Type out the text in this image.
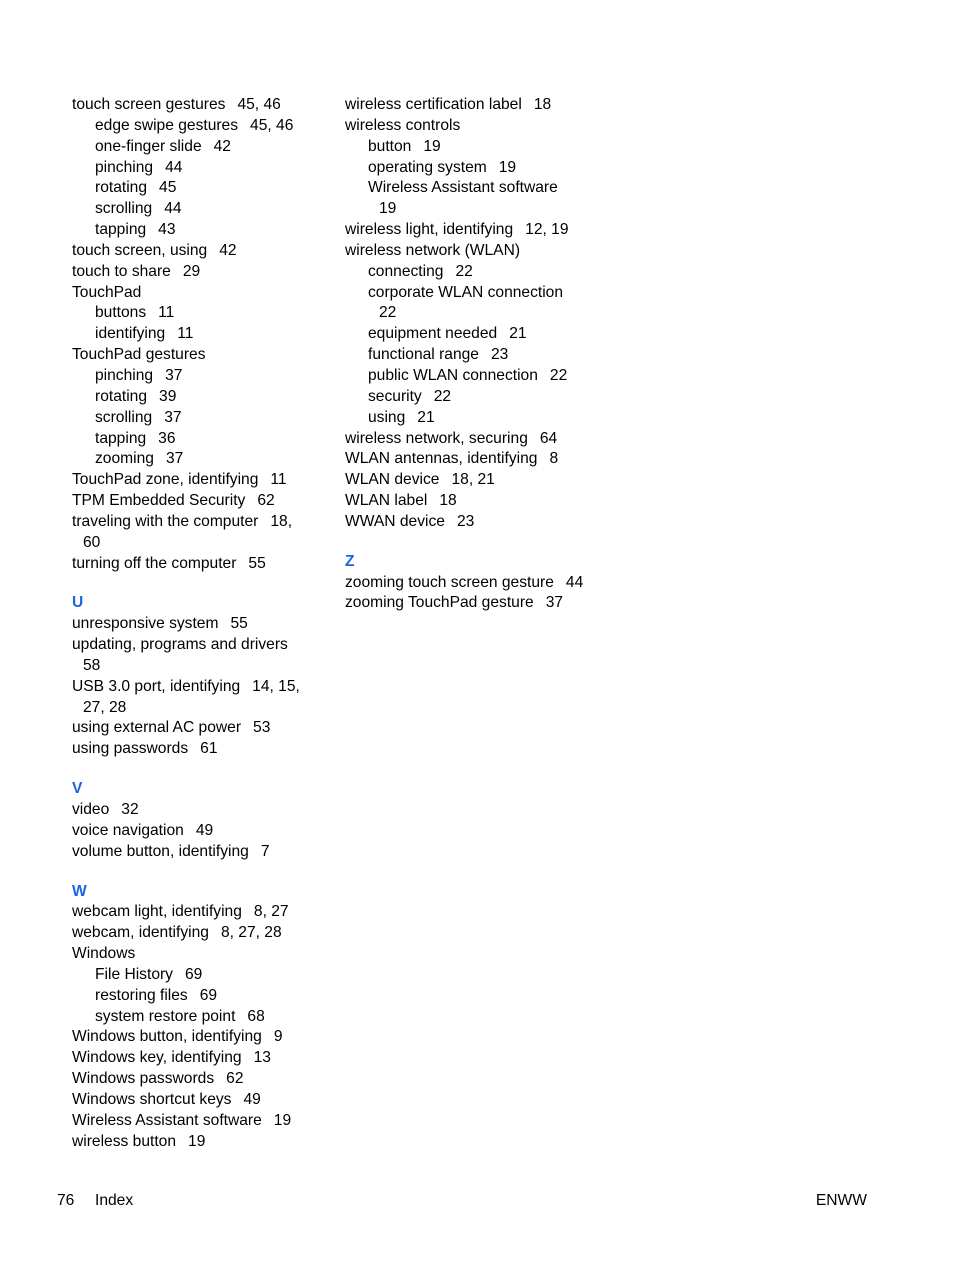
touch screen gestures 45, 46
edge swipe gestures 45, 46
one-finger slide 42
pinching 44
rotating 45
scrolling 44
tapping 43
touch screen, using 42
touch to share 29
TouchPad
buttons 11
identifying 11
TouchPad gestures
pinching 37
rotating 39
scrolling 37
tapping 36
zooming 37
TouchPad zone, identifying 11
TPM Embedded Security 62
traveling with the computer 18,
60
turning off the computer 55
U
unresponsive system 55
updating, programs and drivers
58
USB 3.0 port, identifying 14, 15,
27, 28
using external AC power 53
using passwords 61
V
video 32
voice navigation 49
volume button, identifying 7
W
webcam light, identifying 8, 27
webcam, identifying 8, 27, 28
Windows
File History 69
restoring files 69
system restore point 68
Windows button, identifying 9
Windows key, identifying 13
Windows passwords 62
Windows shortcut keys 49
Wireless Assistant software 19
wireless button 19
wireless certification label 18
wireless controls
button 19
operating system 19
Wireless Assistant software
19
wireless light, identifying 12, 19
wireless network (WLAN)
connecting 22
corporate WLAN connection
22
equipment needed 21
functional range 23
public WLAN connection 22
security 22
using 21
wireless network, securing 64
WLAN antennas, identifying 8
WLAN device 18, 21
WLAN label 18
WWAN device 23
Z
zooming touch screen gesture 44
zooming TouchPad gesture 37
76 Index	ENWW
